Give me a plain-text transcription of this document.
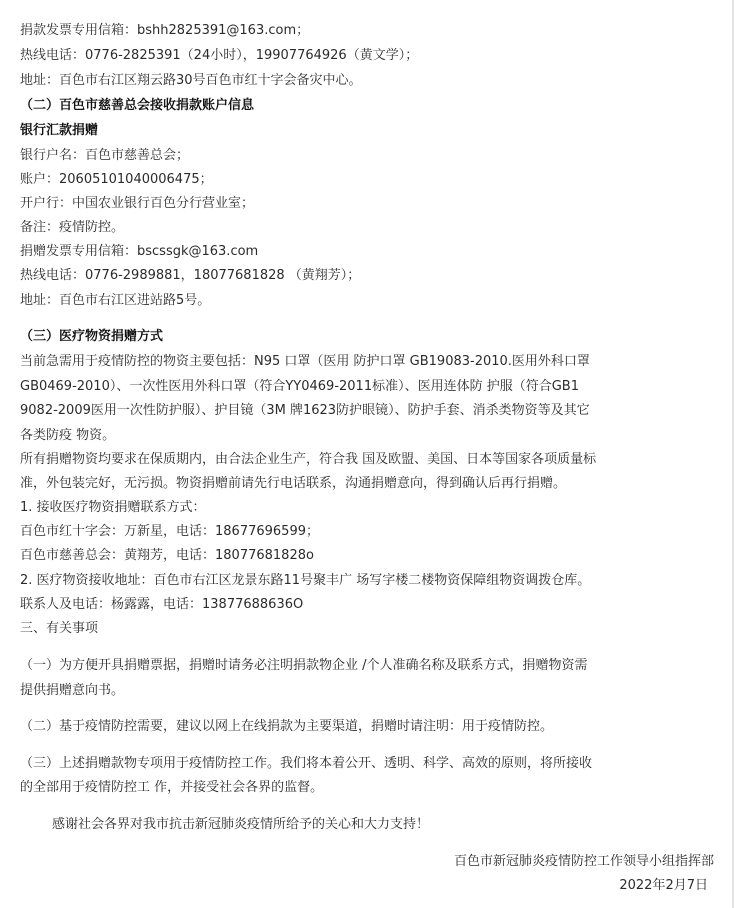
捐款发票专用信箱：bshh2825391@163.com；
热线电话：0776-2825391（24小时），19907764926（黄文学）；
地址：百色市右江区翔云路30号百色市红十字会备灾中心。
（二）百色市慈善总会接收捐款账户信息
银行汇款捐赠
银行户名：百色市慈善总会；
账户：20605101040006475；
开户行：中国农业银行百色分行营业室；
备注：疫情防控。
捐赠发票专用信箱：bscssgk@163.com
热线电话：0776-2989881，18077681828 （黄翔芳）；
地址：百色市右江区进站路5号。
（三）医疗物资捐赠方式
当前急需用于疫情防控的物资主要包括：N95 口罩（医用 防护口罩 GB19083-2010.医用外科口罩
GB0469-2010）、一次性医用外科口罩（符合YY0469-2011标准）、医用连体防 护服（符合GB1
9082-2009医用一次性防护服）、护目镜（3M 牌1623防护眼镜）、防护手套、消杀类物资等及其它
各类防疫 物资。
所有捐赠物资均要求在保质期内，由合法企业生产，符合我 国及欧盟、美国、日本等国家各项质量标
准，外包装完好，无污损。物资捐赠前请先行电话联系，沟通捐赠意向，得到确认后再行捐赠。
1. 接收医疗物资捐赠联系方式：
百色市红十字会：万新星，电话：18677696599；
百色市慈善总会：黄翔芳，电话：18077681828o
2. 医疗物资接收地址：百色市右江区龙景东路11号聚丰广 场写字楼二楼物资保障组物资调拨仓库。
联系人及电话：杨露露，电话：13877688636O
三、有关事项
（一）为方便开具捐赠票据，捐赠时请务必注明捐款物企业 /个人准确名称及联系方式，捐赠物资需
提供捐赠意向书。
（二）基于疫情防控需要，建议以网上在线捐款为主要渠道，捐赠时请注明：用于疫情防控。
（三）上述捐赠款物专项用于疫情防控工作。我们将本着公开、透明、科学、高效的原则，将所接收
的全部用于疫情防控工 作，并接受社会各界的监督。
感谢社会各界对我市抗击新冠肺炎疫情所给予的关心和大力支持！
百色市新冠肺炎疫情防控工作领导小组指挥部
2022年2月7日
